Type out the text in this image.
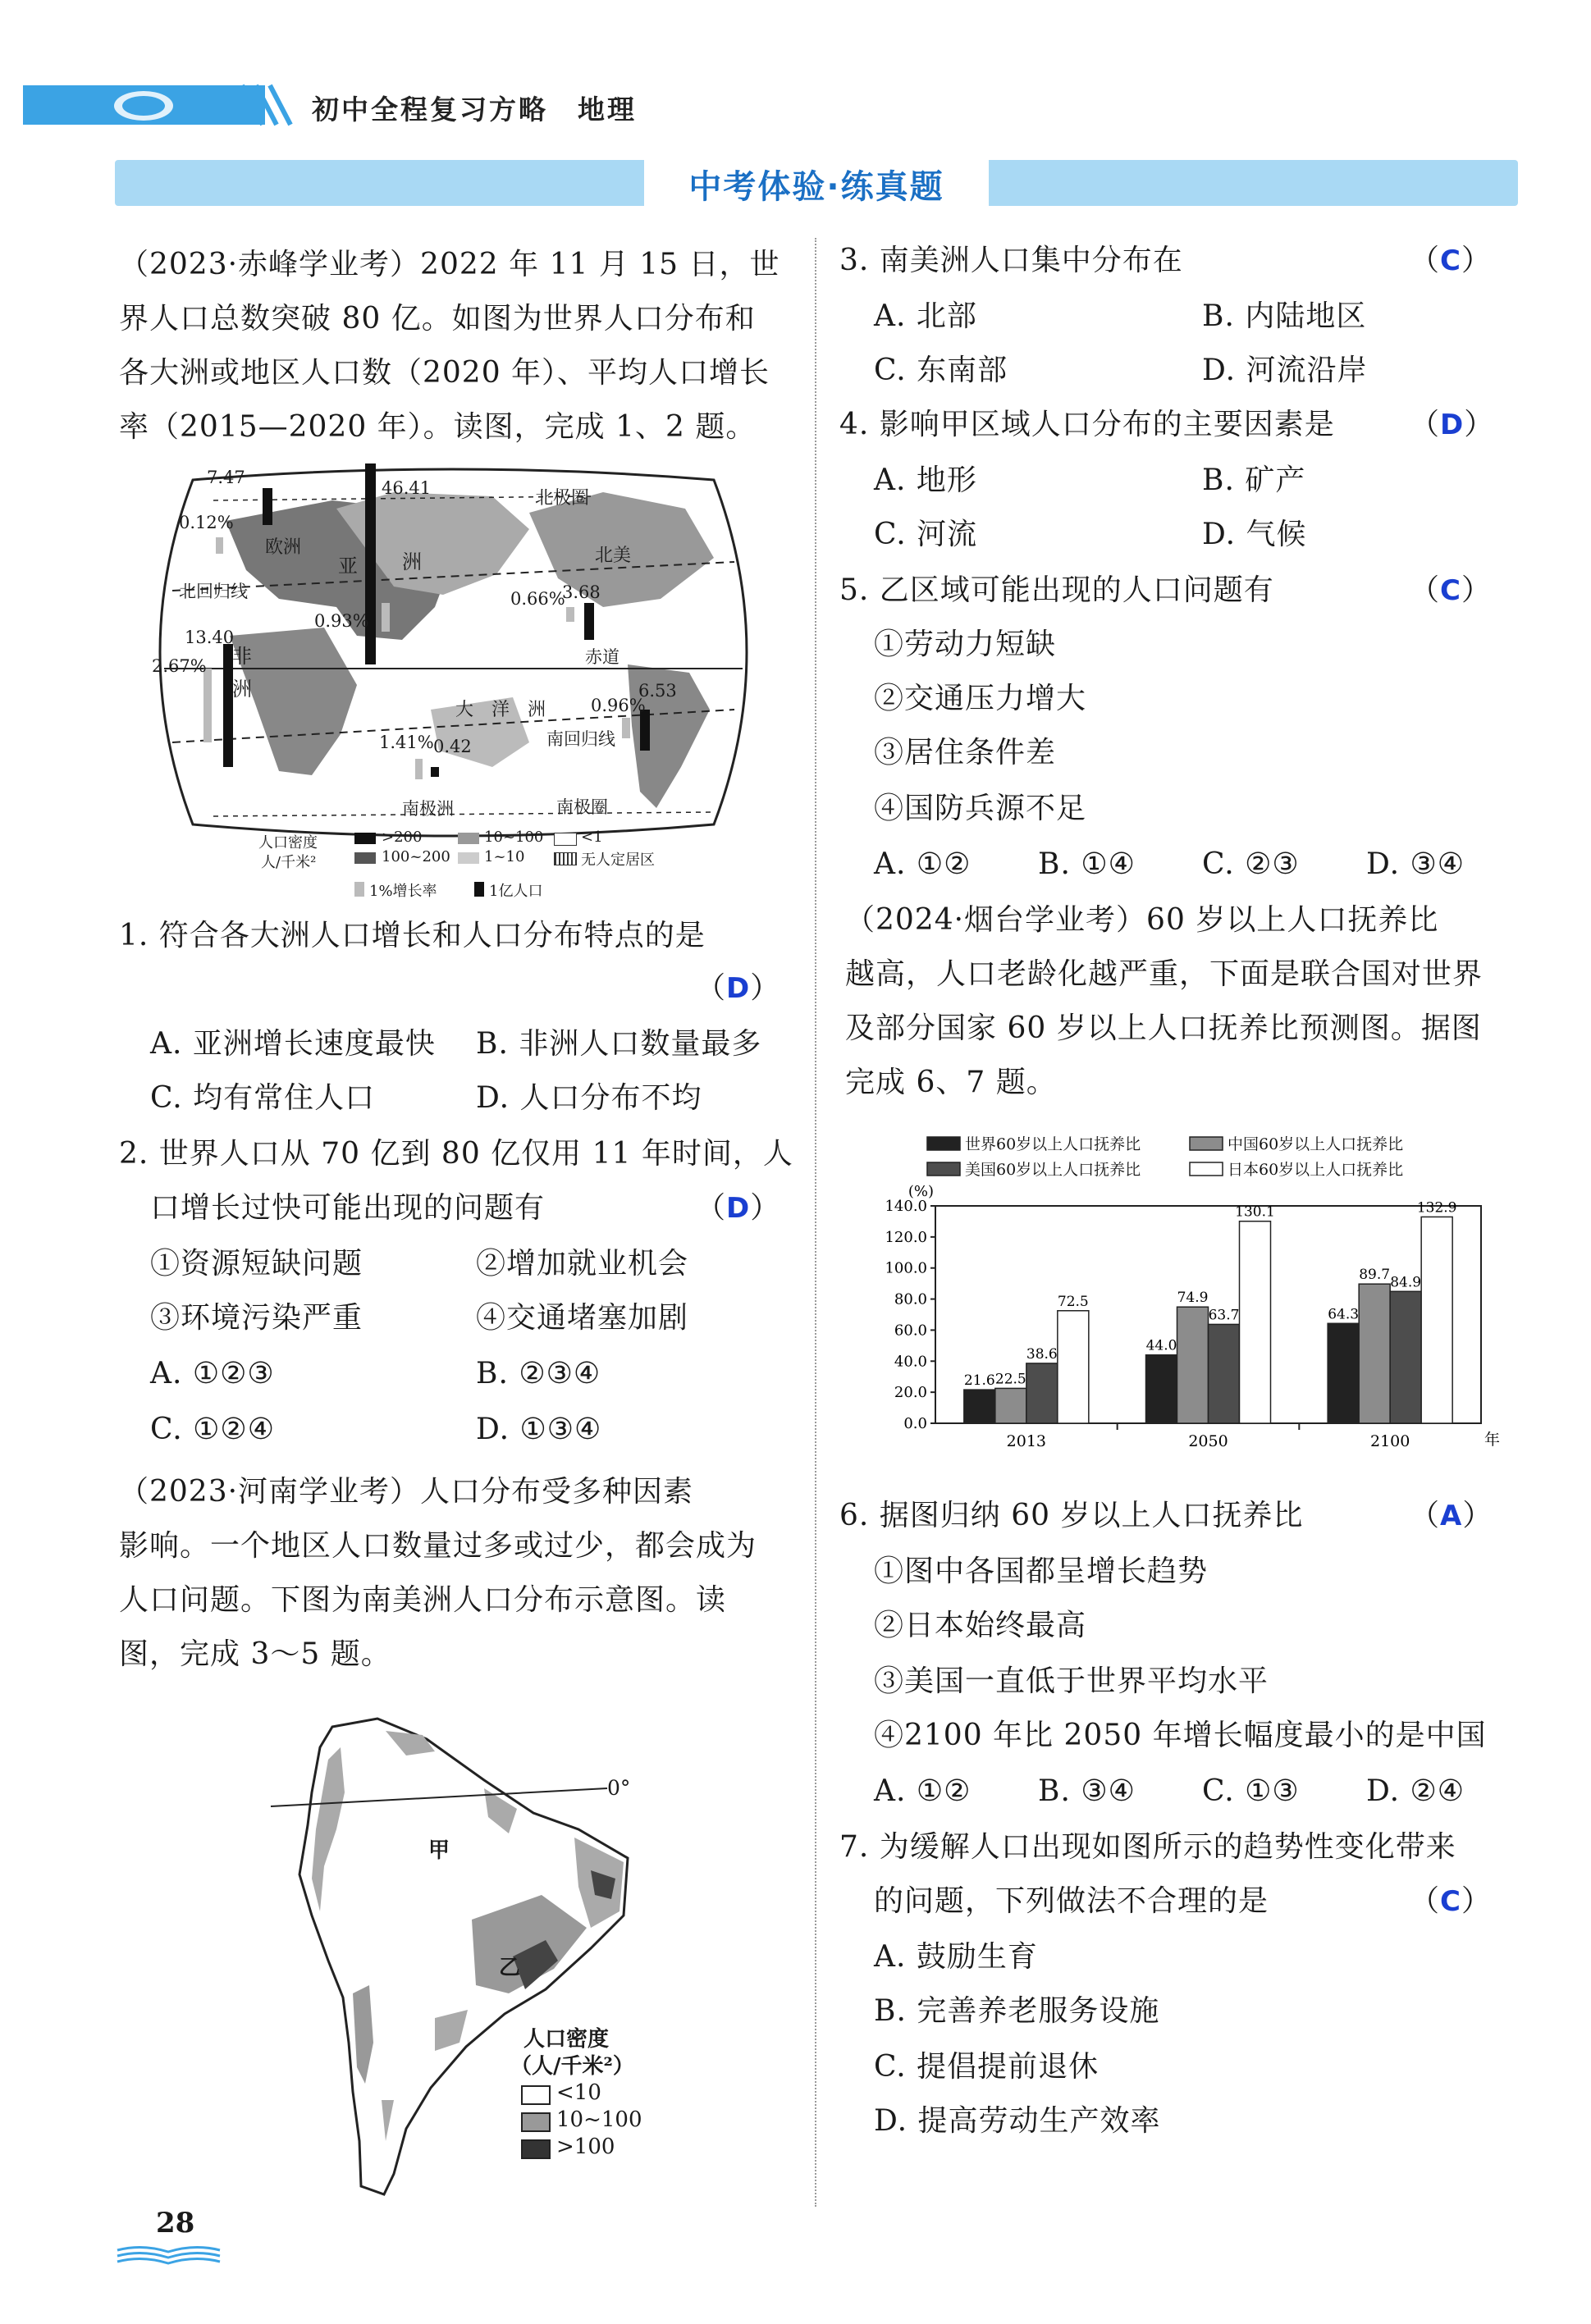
初中全程复习方略　地理
中考体验·练真题
（2023·赤峰学业考）2022 年 11 月 15 日，世
界人口总数突破 80 亿。如图为世界人口分布和
各大洲或地区人口数（2020 年）、平均人口增长
率（2015—2020 年）。读图，完成 1、2 题。
7.47
0.12%
46.41
0.93%
13.40
2.67%
0.66%
3.68
0.96%
6.53
1.41% 0.42
欧洲
亚 洲
非
洲
北极圈
北美
北回归线
赤道
大　洋　洲
南回归线
南极洲	南极圈
人口密度
人/千米²
>200
100~200
10~100
1~10
<1
无人定居区
1%增长率	1亿人口
1. 符合各大洲人口增长和人口分布特点的是
（D）
A. 亚洲增长速度最快 B. 非洲人口数量最多
C. 均有常住人口	D. 人口分布不均
2. 世界人口从 70 亿到 80 亿仅用 11 年时间，人
口增长过快可能出现的问题有	（D）
①资源短缺问题	②增加就业机会
③环境污染严重	④交通堵塞加剧
A. ①②③	B. ②③④
C. ①②④	D. ①③④
（2023·河南学业考）人口分布受多种因素
影响。一个地区人口数量过多或过少，都会成为
人口问题。下图为南美洲人口分布示意图。读
图，完成 3～5 题。
0°
甲
乙
人口密度
（人/千米²）
<10
10~100
>100
3. 南美洲人口集中分布在	（C）
A. 北部	B. 内陆地区
C. 东南部	D. 河流沿岸
4. 影响甲区域人口分布的主要因素是	（D）
A. 地形	B. 矿产
C. 河流	D. 气候
5. 乙区域可能出现的人口问题有	（C）
①劳动力短缺
②交通压力增大
③居住条件差
④国防兵源不足
A. ①② B. ①④ C. ②③ D. ③④
（2024·烟台学业考）60 岁以上人口抚养比
越高，人口老龄化越严重，下面是联合国对世界
及部分国家 60 岁以上人口抚养比预测图。据图
完成 6、7 题。
世界60岁以上人口抚养比	中国60岁以上人口抚养比
美国60岁以上人口抚养比	日本60岁以上人口抚养比
(%)
0.0
20.0
40.0
60.0
80.0
100.0
120.0
140.0
21.6 22.5
38.6
72.5
2013
44.0
74.9
63.7
130.1
2050
64.3
89.7 84.9
132.9
2100	年
6. 据图归纳 60 岁以上人口抚养比	（A）
①图中各国都呈增长趋势
②日本始终最高
③美国一直低于世界平均水平
④2100 年比 2050 年增长幅度最小的是中国
A. ①② B. ③④ C. ①③ D. ②④
7. 为缓解人口出现如图所示的趋势性变化带来
的问题，下列做法不合理的是	（C）
A. 鼓励生育
B. 完善养老服务设施
C. 提倡提前退休
D. 提高劳动生产效率
28
